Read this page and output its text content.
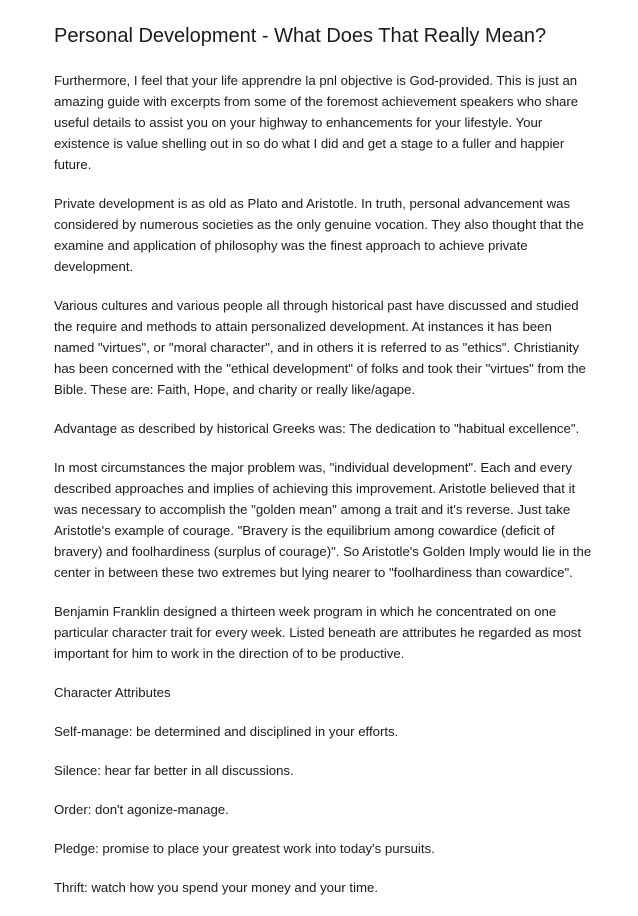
Personal Development - What Does That Really Mean?

Furthermore, I feel that your life apprendre la pnl objective is God-provided. This is just an amazing guide with excerpts from some of the foremost achievement speakers who share useful details to assist you on your highway to enhancements for your lifestyle. Your existence is value shelling out in so do what I did and get a stage to a fuller and happier future.

Private development is as old as Plato and Aristotle. In truth, personal advancement was considered by numerous societies as the only genuine vocation. They also thought that the examine and application of philosophy was the finest approach to achieve private development.

Various cultures and various people all through historical past have discussed and studied the require and methods to attain personalized development. At instances it has been named "virtues", or "moral character", and in others it is referred to as "ethics". Christianity has been concerned with the "ethical development" of folks and took their "virtues" from the Bible. These are: Faith, Hope, and charity or really like/agape.

Advantage as described by historical Greeks was: The dedication to "habitual excellence".

In most circumstances the major problem was, "individual development". Each and every described approaches and implies of achieving this improvement. Aristotle believed that it was necessary to accomplish the "golden mean" among a trait and it's reverse. Just take Aristotle's example of courage. "Bravery is the equilibrium among cowardice (deficit of bravery) and foolhardiness (surplus of courage)". So Aristotle's Golden Imply would lie in the center in between these two extremes but lying nearer to "foolhardiness than cowardice".

Benjamin Franklin designed a thirteen week program in which he concentrated on one particular character trait for every week. Listed beneath are attributes he regarded as most important for him to work in the direction of to be productive.

Character Attributes

Self-manage: be determined and disciplined in your efforts.

Silence: hear far better in all discussions.

Order: don't agonize-manage.

Pledge: promise to place your greatest work into today's pursuits.

Thrift: watch how you spend your money and your time.
